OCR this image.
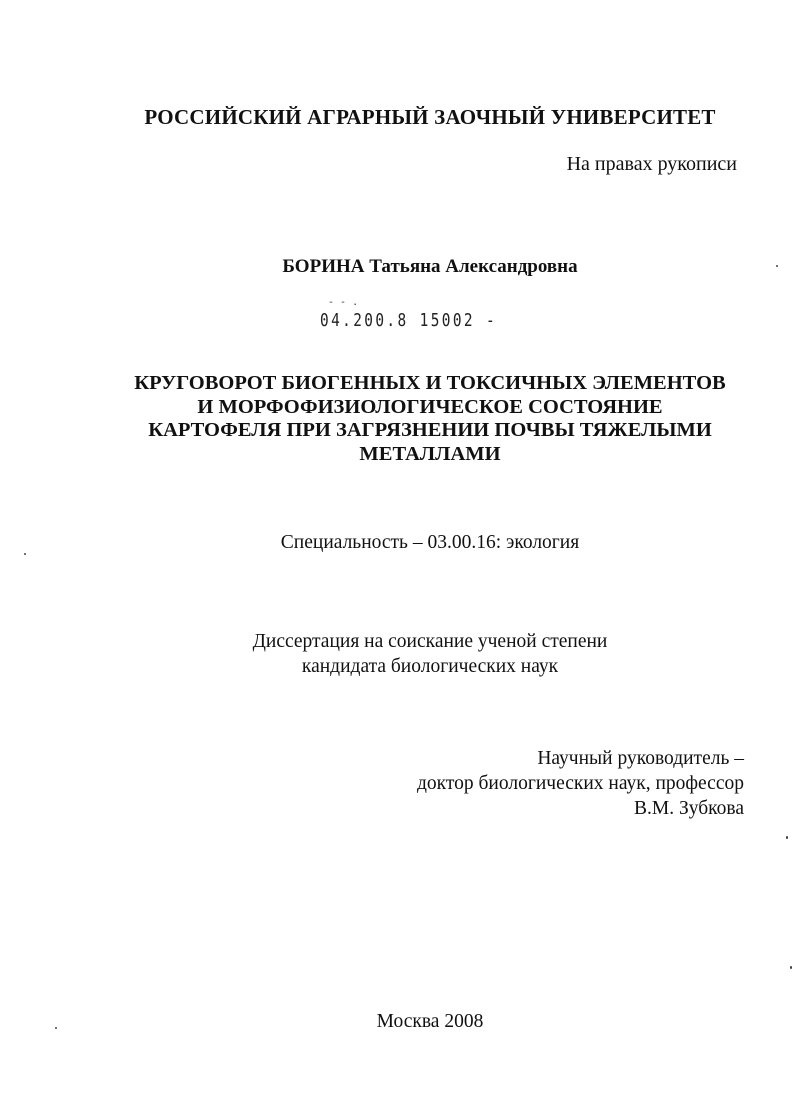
РОССИЙСКИЙ АГРАРНЫЙ ЗАОЧНЫЙ УНИВЕРСИТЕТ
На правах рукописи
БОРИНА Татьяна Александровна
- - .
04.200.8 15002 -
КРУГОВОРОТ БИОГЕННЫХ И ТОКСИЧНЫХ ЭЛЕМЕНТОВ
И МОРФОФИЗИОЛОГИЧЕСКОЕ СОСТОЯНИЕ
КАРТОФЕЛЯ ПРИ ЗАГРЯЗНЕНИИ ПОЧВЫ ТЯЖЕЛЫМИ
МЕТАЛЛАМИ
Специальность – 03.00.16: экология
Диссертация на соискание ученой степени
кандидата биологических наук
Научный руководитель –
доктор биологических наук, профессор
В.М. Зубкова
Москва 2008
